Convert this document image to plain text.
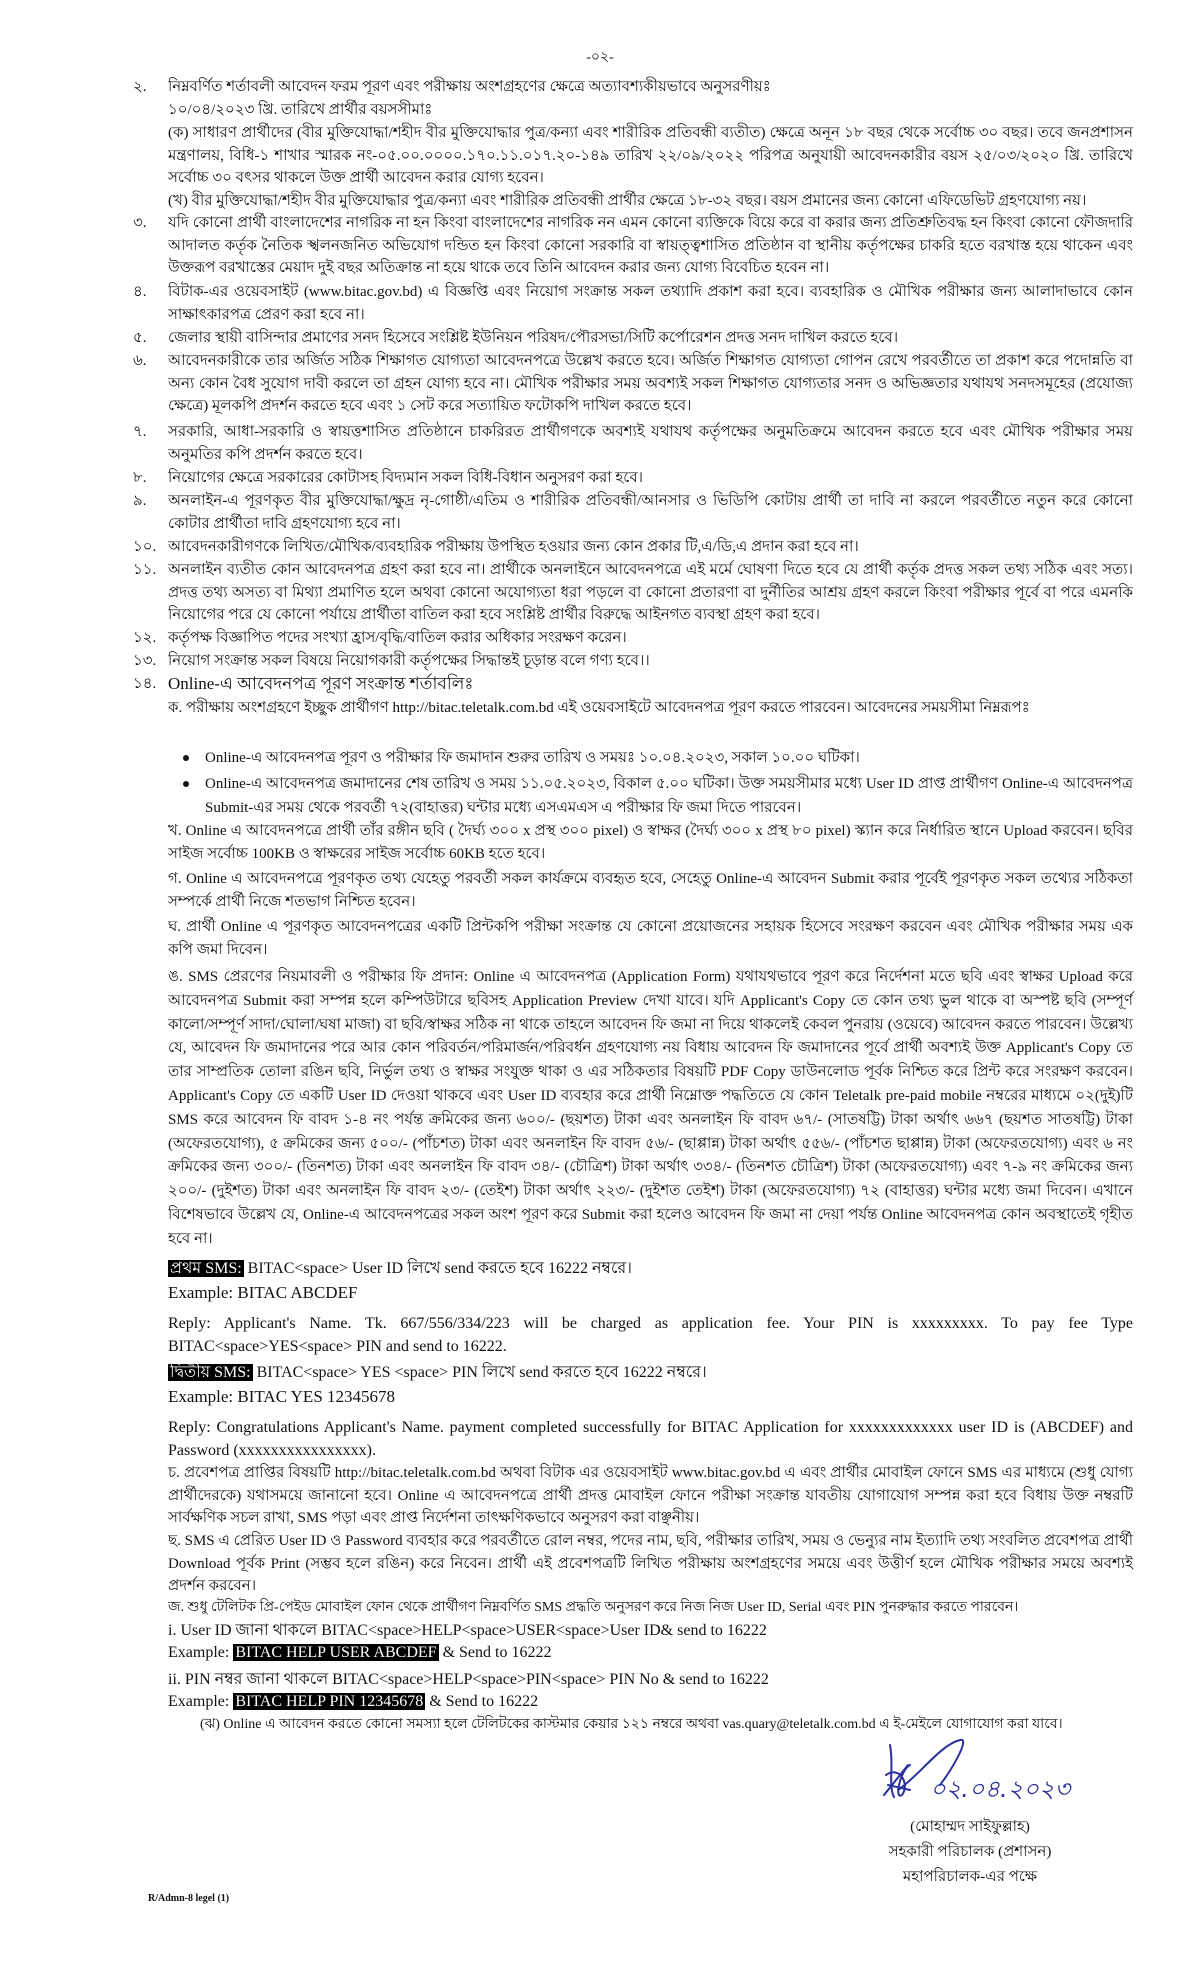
-০২-
২.	নিম্নবর্ণিত শর্তাবলী আবেদন ফরম পূরণ এবং পরীক্ষায় অংশগ্রহণের ক্ষেত্রে অত্যাবশ্যকীয়ভাবে অনুসরণীয়ঃ
১০/০৪/২০২৩ খ্রি. তারিখে প্রার্থীর বয়সসীমাঃ
(ক) সাধারণ প্রার্থীদের (বীর মুক্তিযোদ্ধা/শহীদ বীর মুক্তিযোদ্ধার পুত্র/কন্যা এবং শারীরিক প্রতিবন্ধী ব্যতীত) ক্ষেত্রে অনূন ১৮ বছর থেকে সর্বোচ্চ ৩০ বছর। তবে জনপ্রশাসন মন্ত্রণালয়, বিধি-১ শাখার স্মারক নং-০৫.০০.০০০০.১৭০.১১.০১৭.২০-১৪৯ তারিখ ২২/০৯/২০২২ পরিপত্র অনুযায়ী আবেদনকারীর বয়স ২৫/০৩/২০২০ খ্রি. তারিখে সর্বোচ্চ ৩০ বৎসর থাকলে উক্ত প্রার্থী আবেদন করার যোগ্য হবেন।
(খ) বীর মুক্তিযোদ্ধা/শহীদ বীর মুক্তিযোদ্ধার পুত্র/কন্যা এবং শারীরিক প্রতিবন্ধী প্রার্থীর ক্ষেত্রে ১৮-৩২ বছর। বয়স প্রমানের জন্য কোনো এফিডেভিট গ্রহণযোগ্য নয়।
৩.	যদি কোনো প্রার্থী বাংলাদেশের নাগরিক না হন কিংবা বাংলাদেশের নাগরিক নন এমন কোনো ব্যক্তিকে বিয়ে করে বা করার জন্য প্রতিশ্রুতিবদ্ধ হন কিংবা কোনো ফৌজদারি আদালত কর্তৃক নৈতিক স্খলনজনিত অভিযোগ দন্ডিত হন কিংবা কোনো সরকারি বা স্বায়ত্ত্বশাসিত প্রতিষ্ঠান বা স্থানীয় কর্তৃপক্ষের চাকরি হতে বরখাস্ত হয়ে থাকেন এবং উক্তরূপ বরখাস্তের মেয়াদ দুই বছর অতিক্রান্ত না হয়ে থাকে তবে তিনি আবেদন করার জন্য যোগ্য বিবেচিত হবেন না।
৪.	বিটাক-এর ওয়েবসাইট (www.bitac.gov.bd) এ বিজ্ঞপ্তি এবং নিয়োগ সংক্রান্ত সকল তথ্যাদি প্রকাশ করা হবে। ব্যবহারিক ও মৌখিক পরীক্ষার জন্য আলাদাভাবে কোন সাক্ষাৎকারপত্র প্রেরণ করা হবে না।
৫.	জেলার স্থায়ী বাসিন্দার প্রমাণের সনদ হিসেবে সংশ্লিষ্ট ইউনিয়ন পরিষদ/পৌরসভা/সিটি কর্পোরেশন প্রদত্ত সনদ দাখিল করতে হবে।
৬.	আবেদনকারীকে তার অর্জিত সঠিক শিক্ষাগত যোগ্যতা আবেদনপত্রে উল্লেখ করতে হবে। অর্জিত শিক্ষাগত যোগ্যতা গোপন রেখে পরবর্তীতে তা প্রকাশ করে পদোন্নতি বা অন্য কোন বৈধ সুযোগ দাবী করলে তা গ্রহন যোগ্য হবে না। মৌখিক পরীক্ষার সময় অবশ্যই সকল শিক্ষাগত যোগ্যতার সনদ ও অভিজ্ঞতার যথাযথ সনদসমূহের (প্রযোজ্য ক্ষেত্রে) মূলকপি প্রদর্শন করতে হবে এবং ১ সেট করে সত্যায়িত ফটোকপি দাখিল করতে হবে।
৭.	সরকারি, আধা-সরকারি ও স্বায়ত্তশাসিত প্রতিষ্ঠানে চাকরিরত প্রার্থীগণকে অবশ্যই যথাযথ কর্তৃপক্ষের অনুমতিক্রমে আবেদন করতে হবে এবং মৌখিক পরীক্ষার সময় অনুমতির কপি প্রদর্শন করতে হবে।
৮.	নিয়োগের ক্ষেত্রে সরকারের কোটাসহ বিদ্যমান সকল বিধি-বিধান অনুসরণ করা হবে।
৯.	অনলাইন-এ পূরণকৃত বীর মুক্তিযোদ্ধা/ক্ষুদ্র নৃ-গোষ্ঠী/এতিম ও শারীরিক প্রতিবন্ধী/আনসার ও ভিডিপি কোটায় প্রার্থী তা দাবি না করলে পরবর্তীতে নতুন করে কোনো কোটার প্রার্থীতা দাবি গ্রহণযোগ্য হবে না।
১০. আবেদনকারীগণকে লিখিত/মৌখিক/ব্যবহারিক পরীক্ষায় উপস্থিত হওয়ার জন্য কোন প্রকার টি,এ/ডি,এ প্রদান করা হবে না।
১১. অনলাইন ব্যতীত কোন আবেদনপত্র গ্রহণ করা হবে না। প্রার্থীকে অনলাইনে আবেদনপত্রে এই মর্মে ঘোষণা দিতে হবে যে প্রার্থী কর্তৃক প্রদত্ত সকল তথ্য সঠিক এবং সত্য। প্রদত্ত তথ্য অসত্য বা মিথ্যা প্রমাণিত হলে অথবা কোনো অযোগ্যতা ধরা পড়লে বা কোনো প্রতারণা বা দুর্নীতির আশ্রয় গ্রহণ করলে কিংবা পরীক্ষার পূর্বে বা পরে এমনকি নিয়োগের পরে যে কোনো পর্যায়ে প্রার্থীতা বাতিল করা হবে সংশ্লিষ্ট প্রার্থীর বিরুদ্ধে আইনগত ব্যবস্থা গ্রহণ করা হবে।
১২. কর্তৃপক্ষ বিজ্ঞাপিত পদের সংখ্যা হ্রাস/বৃদ্ধি/বাতিল করার অধিকার সংরক্ষণ করেন।
১৩. নিয়োগ সংক্রান্ত সকল বিষয়ে নিয়োগকারী কর্তৃপক্ষের সিদ্ধান্তই চূড়ান্ত বলে গণ্য হবে।।
১৪. Online-এ আবেদনপত্র পূরণ সংক্রান্ত শর্তাবলিঃ
ক. পরীক্ষায় অংশগ্রহণে ইচ্ছুক প্রার্থীগণ http://bitac.teletalk.com.bd এই ওয়েবসাইটে আবেদনপত্র পূরণ করতে পারবেন। আবেদনের সময়সীমা নিম্নরূপঃ
Online-এ আবেদনপত্র পূরণ ও পরীক্ষার ফি জমাদান শুরুর তারিখ ও সময়ঃ ১০.০৪.২০২৩, সকাল ১০.০০ ঘটিকা।
Online-এ আবেদনপত্র জমাদানের শেষ তারিখ ও সময় ১১.০৫.২০২৩, বিকাল ৫.০০ ঘটিকা। উক্ত সময়সীমার মধ্যে User ID প্রাপ্ত প্রার্থীগণ Online-এ আবেদনপত্র Submit-এর সময় থেকে পরবর্তী ৭২(বাহাত্তর) ঘন্টার মধ্যে এসএমএস এ পরীক্ষার ফি জমা দিতে পারবেন।
খ. Online এ আবেদনপত্রে প্রার্থী তাঁর রঙ্গীন ছবি ( দৈর্ঘ্য ৩০০ x প্রস্থ ৩০০ pixel) ও স্বাক্ষর (দৈর্ঘ্য ৩০০ x প্রস্থ ৮০ pixel) স্ক্যান করে নির্ধারিত স্থানে Upload করবেন। ছবির সাইজ সর্বোচ্চ 100KB ও স্বাক্ষরের সাইজ সর্বোচ্চ 60KB হতে হবে।
গ. Online এ আবেদনপত্রে পূরণকৃত তথ্য যেহেতু পরবর্তী সকল কার্যক্রমে ব্যবহৃত হবে, সেহেতু Online-এ আবেদন Submit করার পূর্বেই পূরণকৃত সকল তথ্যের সঠিকতা সম্পর্কে প্রার্থী নিজে শতভাগ নিশ্চিত হবেন।
ঘ. প্রার্থী Online এ পূরণকৃত আবেদনপত্রের একটি প্রিন্টকপি পরীক্ষা সংক্রান্ত যে কোনো প্রয়োজনের সহায়ক হিসেবে সংরক্ষণ করবেন এবং মৌখিক পরীক্ষার সময় এক কপি জমা দিবেন।
ঙ. SMS প্রেরণের নিয়মাবলী ও পরীক্ষার ফি প্রদান: Online এ আবেদনপত্র (Application Form) যথাযথভাবে পূরণ করে নির্দেশনা মতে ছবি এবং স্বাক্ষর Upload করে আবেদনপত্র Submit করা সম্পন্ন হলে কম্পিউটারে ছবিসহ Application Preview দেখা যাবে। যদি Applicant's Copy তে কোন তথ্য ভুল থাকে বা অস্পষ্ট ছবি (সম্পূর্ণ কালো/সম্পূর্ণ সাদা/ঘোলা/ঘষা মাজা) বা ছবি/স্বাক্ষর সঠিক না থাকে তাহলে আবেদন ফি জমা না দিয়ে থাকলেই কেবল পুনরায় (ওয়েবে) আবেদন করতে পারবেন। উল্লেখ্য যে, আবেদন ফি জমাদানের পরে আর কোন পরিবর্তন/পরিমার্জন/পরিবর্ধন গ্রহণযোগ্য নয় বিধায় আবেদন ফি জমাদানের পূর্বে প্রার্থী অবশ্যই উক্ত Applicant's Copy তে তার সাম্প্রতিক তোলা রঙিন ছবি, নির্ভুল তথ্য ও স্বাক্ষর সংযুক্ত থাকা ও এর সঠিকতার বিষয়টি PDF Copy ডাউনলোড পূর্বক নিশ্চিত করে প্রিন্ট করে সংরক্ষণ করবেন। Applicant's Copy তে একটি User ID দেওয়া থাকবে এবং User ID ব্যবহার করে প্রার্থী নিম্নোক্ত পদ্ধতিতে যে কোন Teletalk pre-paid mobile নম্বরের মাধ্যমে ০২(দুই)টি SMS করে আবেদন ফি বাবদ ১-৪ নং পর্যন্ত ক্রমিকের জন্য ৬০০/- (ছয়শত) টাকা এবং অনলাইন ফি বাবদ ৬৭/- (সাতষট্টি) টাকা অর্থাৎ ৬৬৭ (ছয়শত সাতষট্টি) টাকা (অফেরতযোগ্য), ৫ ক্রমিকের জন্য ৫০০/- (পাঁচশত) টাকা এবং অনলাইন ফি বাবদ ৫৬/- (ছাপ্পান্ন) টাকা অর্থাৎ ৫৫৬/- (পাঁচশত ছাপ্পান্ন) টাকা (অফেরতযোগ্য) এবং ৬ নং ক্রমিকের জন্য ৩০০/- (তিনশত) টাকা এবং অনলাইন ফি বাবদ ৩৪/- (চৌত্রিশ) টাকা অর্থাৎ ৩৩৪/- (তিনশত চৌত্রিশ) টাকা (অফেরতযোগ্য) এবং ৭-৯ নং ক্রমিকের জন্য ২০০/- (দুইশত) টাকা এবং অনলাইন ফি বাবদ ২৩/- (তেইশ) টাকা অর্থাৎ ২২৩/- (দুইশত তেইশ) টাকা (অফেরতযোগ্য) ৭২ (বাহাত্তর) ঘন্টার মধ্যে জমা দিবেন। এখানে বিশেষভাবে উল্লেখ যে, Online-এ আবেদনপত্রের সকল অংশ পূরণ করে Submit করা হলেও আবেদন ফি জমা না দেয়া পর্যন্ত Online আবেদনপত্র কোন অবস্থাতেই গৃহীত হবে না।
প্রথম SMS: BITAC<space> User ID লিখে send করতে হবে 16222 নম্বরে।
Example: BITAC ABCDEF
Reply: Applicant's Name. Tk. 667/556/334/223 will be charged as application fee. Your PIN is xxxxxxxxx. To pay fee Type BITAC<space>YES<space> PIN and send to 16222.
দ্বিতীয় SMS: BITAC<space> YES <space> PIN লিখে send করতে হবে 16222 নম্বরে।
Example: BITAC YES 12345678
Reply: Congratulations Applicant's Name. payment completed successfully for BITAC Application for xxxxxxxxxxxxx user ID is (ABCDEF) and Password (xxxxxxxxxxxxxxxx).
চ. প্রবেশপত্র প্রাপ্তির বিষয়টি http://bitac.teletalk.com.bd অথবা বিটাক এর ওয়েবসাইট www.bitac.gov.bd এ এবং প্রার্থীর মোবাইল ফোনে SMS এর মাধ্যমে (শুধু যোগ্য প্রার্থীদেরকে) যথাসময়ে জানানো হবে। Online এ আবেদনপত্রে প্রার্থী প্রদত্ত মোবাইল ফোনে পরীক্ষা সংক্রান্ত যাবতীয় যোগাযোগ সম্পন্ন করা হবে বিধায় উক্ত নম্বরটি সার্বক্ষণিক সচল রাখা, SMS পড়া এবং প্রাপ্ত নির্দেশনা তাৎক্ষণিকভাবে অনুসরণ করা বাঞ্ছনীয়।
ছ. SMS এ প্রেরিত User ID ও Password ব্যবহার করে পরবর্তীতে রোল নম্বর, পদের নাম, ছবি, পরীক্ষার তারিখ, সময় ও ভেন্যুর নাম ইত্যাদি তথ্য সংবলিত প্রবেশপত্র প্রার্থী Download পূর্বক Print (সম্ভব হলে রঙিন) করে নিবেন। প্রার্থী এই প্রবেশপত্রটি লিখিত পরীক্ষায় অংশগ্রহণের সময়ে এবং উত্তীর্ণ হলে মৌখিক পরীক্ষার সময়ে অবশ্যই প্রদর্শন করবেন।
জ. শুধু টেলিটক প্রি-পেইড মোবাইল ফোন থেকে প্রার্থীগণ নিম্নবর্ণিত SMS প্রদ্ধতি অনুসরণ করে নিজ নিজ User ID, Serial এবং PIN পুনরুদ্ধার করতে পারবেন।
i. User ID জানা থাকলে BITAC<space>HELP<space>USER<space>User ID& send to 16222
Example: BITAC HELP USER ABCDEF & Send to 16222
ii. PIN নম্বর জানা থাকলে BITAC<space>HELP<space>PIN<space> PIN No & send to 16222
Example: BITAC HELP PIN 12345678 & Send to 16222
(ঝ) Online এ আবেদন করতে কোনো সমস্যা হলে টেলিটকের কাস্টমার কেয়ার ১২১ নম্বরে অথবা vas.quary@teletalk.com.bd এ ই-মেইলে যোগাযোগ করা যাবে।
০২.০৪.২০২৩
(মোহাম্মদ সাইফুল্লাহ)
সহকারী পরিচালক (প্রশাসন)
মহাপরিচালক-এর পক্ষে
R/Admn-8 legel (1)
